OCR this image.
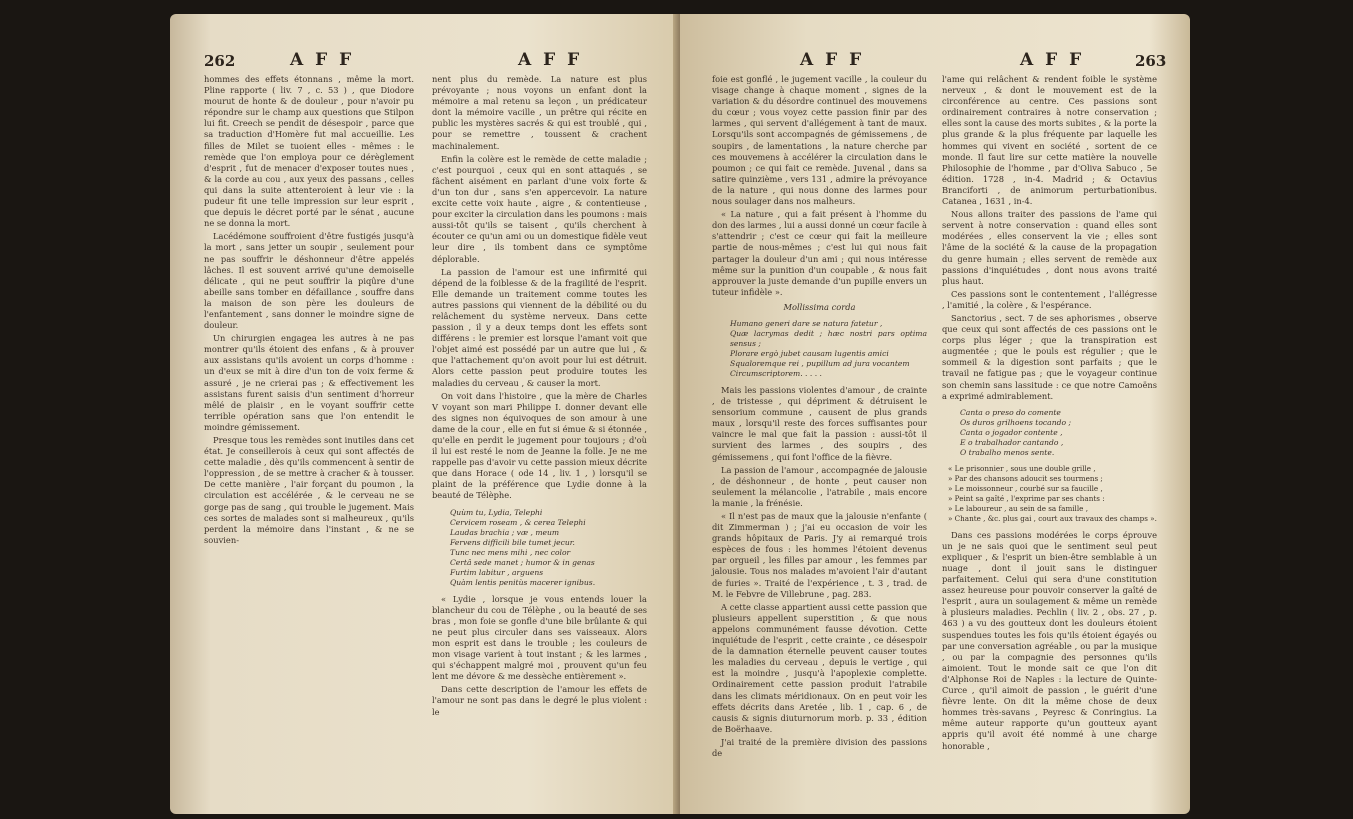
262	A F F	A F F

hommes des effets étonnans , même la mort. Pline rapporte ( liv. 7 , c. 53 ) , que Diodore mourut de honte & de douleur , pour n'avoir pu répondre sur le champ aux questions que Stilpon lui fit. Creech se pendit de désespoir , parce que sa traduction d'Homère fut mal accueillie. Les filles de Milet se tuoient elles - mêmes : le remède que l'on employa pour ce dérèglement d'esprit , fut de menacer d'exposer toutes nues , & la corde au cou , aux yeux des passans , celles qui dans la suite attenteroient à leur vie : la pudeur fit une telle impression sur leur esprit , que depuis le décret porté par le sénat , aucune ne se donna la mort.

Lacédémone souffroient d'être fustigés jusqu'à la mort , sans jetter un soupir , seulement pour ne pas souffrir le déshonneur d'être appelés lâches. Il est souvent arrivé qu'une demoiselle délicate , qui ne peut souffrir la piqûre d'une abeille sans tomber en défaillance , souffre dans la maison de son père les douleurs de l'enfantement , sans donner le moindre signe de douleur.

Un chirurgien engagea les autres à ne pas montrer qu'ils étoient des enfans , & à prouver aux assistans qu'ils avoient un corps d'homme : un d'eux se mit à dire d'un ton de voix ferme & assuré , je ne crierai pas ; & effectivement les assistans furent saisis d'un sentiment d'horreur mêlé de plaisir , en le voyant souffrir cette terrible opération sans que l'on entendit le moindre gémissement.

Presque tous les remèdes sont inutiles dans cet état. Je conseillerois à ceux qui sont affectés de cette maladie , dès qu'ils commencent à sentir de l'oppression , de se mettre à cracher & à tousser. De cette manière , l'air forçant du poumon , la circulation est accélérée , & le cerveau ne se gorge pas de sang , qui trouble le jugement. Mais ces sortes de malades sont si malheureux , qu'ils perdent la mémoire dans l'instant , & ne se souvien-

nent plus du remède. La nature est plus prévoyante ; nous voyons un enfant dont la mémoire a mal retenu sa leçon , un prédicateur dont la mémoire vacille , un prêtre qui récite en public les mystères sacrés & qui est troublé , qui , pour se remettre , toussent & crachent machinalement.

Enfin la colère est le remède de cette maladie ; c'est pourquoi , ceux qui en sont attaqués , se fâchent aisément en parlant d'une voix forte & d'un ton dur , sans s'en appercevoir. La nature excite cette voix haute , aigre , & contentieuse , pour exciter la circulation dans les poumons : mais aussi-tôt qu'ils se taisent , qu'ils cherchent à écouter ce qu'un ami ou un domestique fidèle veut leur dire , ils tombent dans ce symptôme déplorable.

La passion de l'amour est une infirmité qui dépend de la foiblesse & de la fragilité de l'esprit. Elle demande un traitement comme toutes les autres passions qui viennent de la débilité ou du relâchement du système nerveux. Dans cette passion , il y a deux temps dont les effets sont différens : le premier est lorsque l'amant voit que l'objet aimé est possédé par un autre que lui , & que l'attachement qu'on avoit pour lui est détruit. Alors cette passion peut produire toutes les maladies du cerveau , & causer la mort.

On voit dans l'histoire , que la mère de Charles V voyant son mari Philippe I. donner devant elle des signes non équivoques de son amour à une dame de la cour , elle en fut si émue & si étonnée , qu'elle en perdit le jugement pour toujours ; d'où il lui est resté le nom de Jeanne la folle. Je ne me rappelle pas d'avoir vu cette passion mieux décrite que dans Horace ( ode 14 , liv. 1 , ) lorsqu'il se plaint de la préférence que Lydie donne à la beauté de Télèphe.

Quùm tu, Lydia, Telephi
Cervicem roseam , & cerea Telephi
Laudas brachia ; væ , meum
Fervens difficili bile tumet jecur.
Tunc nec mens mihi , nec color
Certâ sede manet ; humor & in genas
Furtim labitur , arguens
Quàm lentis penitùs macerer ignibus.

« Lydie , lorsque je vous entends louer la blancheur du cou de Télèphe , ou la beauté de ses bras , mon foie se gonfle d'une bile brûlante & qui ne peut plus circuler dans ses vaisseaux. Alors mon esprit est dans le trouble ; les couleurs de mon visage varient à tout instant ; & les larmes , qui s'échappent malgré moi , prouvent qu'un feu lent me dévore & me dessèche entièrement ».

Dans cette description de l'amour les effets de l'amour ne sont pas dans le degré le plus violent : le

A F F	A F F	263

foie est gonflé , le jugement vacille , la couleur du visage change à chaque moment , signes de la variation & du désordre continuel des mouvemens du cœur ; vous voyez cette passion finir par des larmes , qui servent d'allégement à tant de maux. Lorsqu'ils sont accompagnés de gémissemens , de soupirs , de lamentations , la nature cherche par ces mouvemens à accélérer la circulation dans le poumon ; ce qui fait ce remède. Juvenal , dans sa satire quinzième , vers 131 , admire la prévoyance de la nature , qui nous donne des larmes pour nous soulager dans nos malheurs.

« La nature , qui a fait présent à l'homme du don des larmes , lui a aussi donné un cœur facile à s'attendrir ; c'est ce cœur qui fait la meilleure partie de nous-mêmes ; c'est lui qui nous fait partager la douleur d'un ami ; qui nous intéresse même sur la punition d'un coupable , & nous fait approuver la juste demande d'un pupille envers un tuteur infidèle ».

Mollissima corda
Humano generi dare se natura fatetur ,
Quæ lacrymas dedit ; hæc nostri pars optima sensus ;
Plorare ergò jubet causam lugentis amici
Squaloremque rei , pupillum ad jura vocantem
Circumscriptorem. . . . .

Mais les passions violentes d'amour , de crainte , de tristesse , qui dépriment & détruisent le sensorium commune , causent de plus grands maux , lorsqu'il reste des forces suffisantes pour vaincre le mal que fait la passion : aussi-tôt il survient des larmes , des soupirs , des gémissemens , qui font l'office de la fièvre.

La passion de l'amour , accompagnée de jalousie , de déshonneur , de honte , peut causer non seulement la mélancolie , l'atrabile , mais encore la manie , la frénésie.

« Il n'est pas de maux que la jalousie n'enfante ( dit Zimmerman ) ; j'ai eu occasion de voir les grands hôpitaux de Paris. J'y ai remarqué trois espèces de fous : les hommes l'étoient devenus par orgueil , les filles par amour , les femmes par jalousie. Tous nos malades m'avoient l'air d'autant de furies ». Traité de l'expérience , t. 3 , trad. de M. le Febvre de Villebrune , pag. 283.

A cette classe appartient aussi cette passion que plusieurs appellent superstition , & que nous appelons communément fausse dévotion. Cette inquiétude de l'esprit , cette crainte , ce désespoir de la damnation éternelle peuvent causer toutes les maladies du cerveau , depuis le vertige , qui est la moindre , jusqu'à l'apoplexie complette. Ordinairement cette passion produit l'atrabile dans les climats méridionaux. On en peut voir les effets décrits dans Aretée , lib. 1 , cap. 6 , de causis & signis diuturnorum morb. p. 33 , édition de Boërhaave.

J'ai traité de la première division des passions de

l'ame qui relâchent & rendent foible le système nerveux , & dont le mouvement est de la circonférence au centre. Ces passions sont ordinairement contraires à notre conservation ; elles sont la cause des morts subites , & la porte la plus grande & la plus fréquente par laquelle les hommes qui vivent en société , sortent de ce monde. Il faut lire sur cette matière la nouvelle Philosophie de l'homme , par d'Oliva Sabuco , 5e édition. 1728 , in-4. Madrid ; & Octavius Branciforti , de animorum perturbationibus. Catanea , 1631 , in-4.

Nous allons traiter des passions de l'ame qui servent à notre conservation : quand elles sont modérées , elles conservent la vie ; elles sont l'âme de la société & la cause de la propagation du genre humain ; elles servent de remède aux passions d'inquiétudes , dont nous avons traité plus haut.

Ces passions sont le contentement , l'allégresse , l'amitié , la colère , & l'espérance.

Sanctorius , sect. 7 de ses aphorismes , observe que ceux qui sont affectés de ces passions ont le corps plus léger ; que la transpiration est augmentée ; que le pouls est régulier ; que le sommeil & la digestion sont parfaits ; que le travail ne fatigue pas ; que le voyageur continue son chemin sans lassitude : ce que notre Camoëns a exprimé admirablement.

Canta o preso do comente
Os duros grilhoens tocando ;
Canta o jogador contente ,
E o trabalhador cantando ,
O trabalho menos sente.
« Le prisonnier , sous une double grille ,
» Par des chansons adoucit ses tourmens ;
» Le moissonneur , courbé sur sa faucille ,
» Peint sa gaîté , l'exprime par ses chants :
» Le laboureur , au sein de sa famille ,
» Chante , &c. plus gai , court aux travaux des champs ».

Dans ces passions modérées le corps éprouve un je ne sais quoi que le sentiment seul peut expliquer , & l'esprit un bien-être semblable à un nuage , dont il jouit sans le distinguer parfaitement. Celui qui sera d'une constitution assez heureuse pour pouvoir conserver la gaîté de l'esprit , aura un soulagement & même un remède à plusieurs maladies. Pechlin ( liv. 2 , obs. 27 , p. 463 ) a vu des goutteux dont les douleurs étoient suspendues toutes les fois qu'ils étoient égayés ou par une conversation agréable , ou par la musique , ou par la compagnie des personnes qu'ils aimoient. Tout le monde sait ce que l'on dit d'Alphonse Roi de Naples : la lecture de Quinte-Curce , qu'il aimoit de passion , le guérit d'une fièvre lente. On dit la même chose de deux hommes très-savans , Peyresc & Conringius. La même auteur rapporte qu'un goutteux ayant appris qu'il avoit été nommé à une charge honorable ,
